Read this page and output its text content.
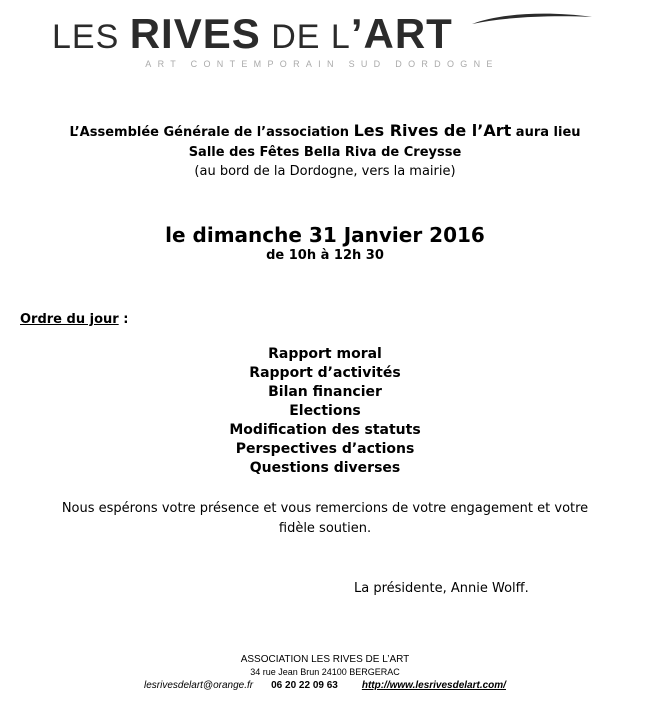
LES RIVES DE L’ART
ART CONTEMPORAIN SUD DORDOGNE
L’Assemblée Générale de l’association Les Rives de l’Art aura lieu
Salle des Fêtes Bella Riva de Creysse
(au bord de la Dordogne, vers la mairie)
le dimanche 31 Janvier 2016
de 10h à 12h 30
Ordre du jour :
Rapport moral
Rapport d’activités
Bilan financier
Elections
Modification des statuts
Perspectives d’actions
Questions diverses
Nous espérons votre présence et vous remercions de votre engagement et votre
fidèle soutien.
La présidente, Annie Wolff.
ASSOCIATION LES RIVES DE L’ART
34 rue Jean Brun 24100 BERGERAC
lesrivesdelart@orange.fr 06 20 22 09 63 http://www.lesrivesdelart.com/
